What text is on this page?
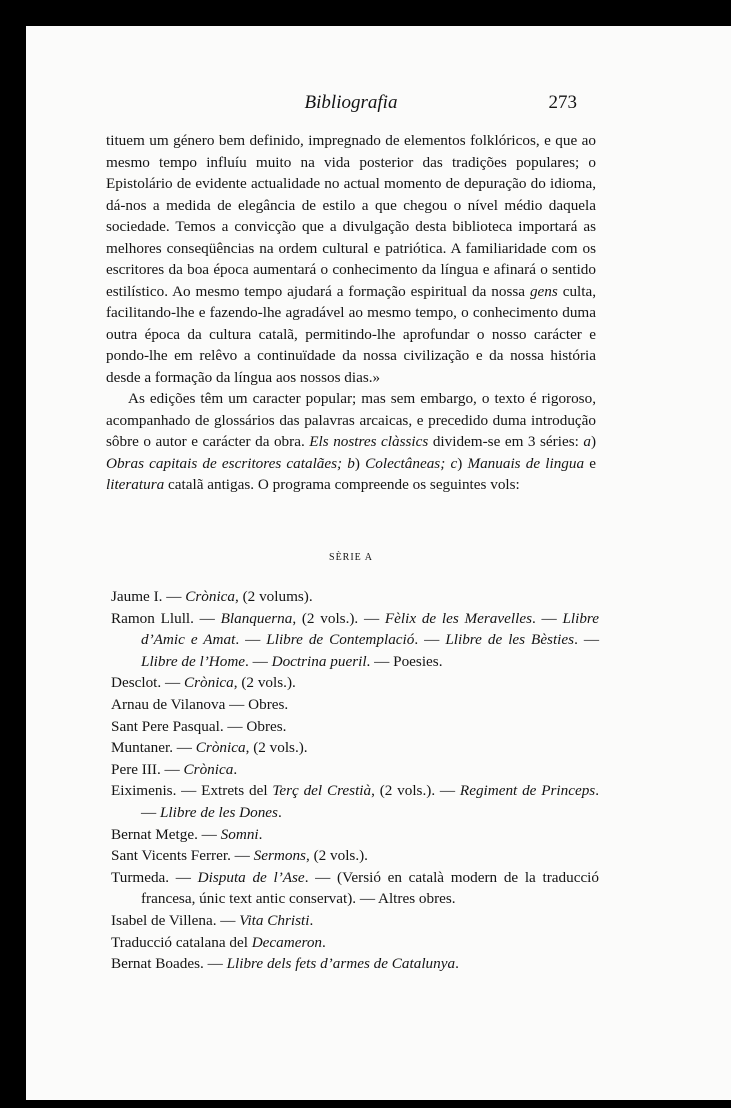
Bibliografia	273

tituem um género bem definido, impregnado de elementos folklóricos, e que ao mesmo tempo influíu muito na vida posterior das tradições populares; o Epistolário de evidente actualidade no actual momento de depuração do idioma, dá-nos a medida de elegância de estilo a que chegou o nível médio daquela sociedade. Temos a convicção que a divulgação desta biblioteca importará as melhores conseqüências na ordem cultural e patriótica. A familiaridade com os escritores da boa época aumentará o conhecimento da língua e afinará o sentido estilístico. Ao mesmo tempo ajudará a formação espiritual da nossa gens culta, facilitando-lhe e fazendo-lhe agradável ao mesmo tempo, o conhecimento duma outra época da cultura catalã, permitindo-lhe aprofundar o nosso carácter e pondo-lhe em relêvo a continuïdade da nossa civilização e da nossa história desde a formação da língua aos nossos dias.»

As edições têm um caracter popular; mas sem embargo, o texto é rigoroso, acompanhado de glossários das palavras arcaicas, e precedido duma introdução sôbre o autor e carácter da obra. Els nostres clàssics dividem-se em 3 séries: a) Obras capitais de escritores catalães; b) Colectâneas; c) Manuais de lingua e literatura catalã antigas. O programa compreende os seguintes vols:

SÈRIE A

Jaume I. — Crònica, (2 volums).

Ramon Llull. — Blanquerna, (2 vols.). — Fèlix de les Meravelles. — Llibre d’Amic e Amat. — Llibre de Contemplació. — Llibre de les Bèsties. — Llibre de l’Home. — Doctrina pueril. — Poesies.

Desclot. — Crònica, (2 vols.).

Arnau de Vilanova — Obres.

Sant Pere Pasqual. — Obres.

Muntaner. — Crònica, (2 vols.).

Pere III. — Crònica.

Eiximenis. — Extrets del Terç del Crestià, (2 vols.). — Regiment de Princeps. — Llibre de les Dones.

Bernat Metge. — Somni.

Sant Vicents Ferrer. — Sermons, (2 vols.).

Turmeda. — Disputa de l’Ase. — (Versió en català modern de la traducció francesa, únic text antic conservat). — Altres obres.

Isabel de Villena. — Vita Christi.

Traducció catalana del Decameron.

Bernat Boades. — Llibre dels fets d’armes de Catalunya.
